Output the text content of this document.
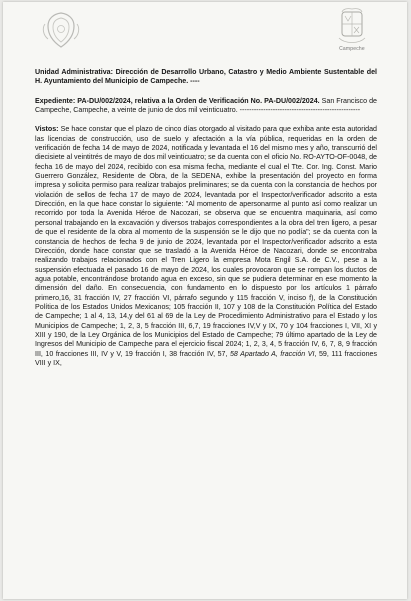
Campeche

Unidad Administrativa: Dirección de Desarrollo Urbano, Catastro y Medio Ambiente Sustentable del H. Ayuntamiento del Municipio de Campeche. ----

Expediente: PA-DU/002/2024, relativa a la Orden de Verificación No. PA-DU/002/2024. San Francisco de Campeche, Campeche, a veinte de junio de dos mil veinticuatro. ---------------------------------------------------

Vistos: Se hace constar que el plazo de cinco días otorgado al visitado para que exhiba ante esta autoridad las licencias de construcción, uso de suelo y afectación a la vía pública, requeridas en la orden de verificación de fecha 14 de mayo de 2024, notificada y levantada el 16 del mismo mes y año, transcurrió del diecisiete al veintitrés de mayo de dos mil veinticuatro; se da cuenta con el oficio No. RO-AYTO-OF-0048, de fecha 16 de mayo del 2024, recibido con esa misma fecha, mediante el cual el Tte. Cor. Ing. Const. Mario Guerrero González, Residente de Obra, de la SEDENA, exhibe la presentación del proyecto en forma impresa y solicita permiso para realizar trabajos preliminares; se da cuenta con la constancia de hechos por violación de sellos de fecha 17 de mayo de 2024, levantada por el Inspector/verificador adscrito a esta Dirección, en la que hace constar lo siguiente: "Al momento de apersonarme al punto así como realizar un recorrido por toda la Avenida Héroe de Nacozari, se observa que se encuentra maquinaria, así como personal trabajando en la excavación y diversos trabajos correspondientes a la obra del tren ligero, a pesar de que el residente de la obra al momento de la suspensión se le dijo que no podía"; se da cuenta con la constancia de hechos de fecha 9 de junio de 2024, levantada por el Inspector/verificador adscrito a esta Dirección, donde hace constar que se trasladó a la Avenida Héroe de Nacozari, donde se encontraba realizando trabajos relacionados con el Tren Ligero la empresa Mota Engil S.A. de C.V., pese a la suspensión efectuada el pasado 16 de mayo de 2024, los cuales provocaron que se rompan los ductos de agua potable, encontrándose brotando agua en exceso, sin que se pudiera determinar en ese momento la dimensión del daño. En consecuencia, con fundamento en lo dispuesto por los artículos 1 párrafo primero,16, 31 fracción IV, 27 fracción VI, párrafo segundo y 115 fracción V, inciso f), de la Constitución Política de los Estados Unidos Mexicanos; 105 fracción II, 107 y 108 de la Constitución Política del Estado de Campeche; 1 al 4, 13, 14,y del 61 al 69 de la Ley de Procedimiento Administrativo para el Estado y los Municipios de Campeche; 1, 2, 3, 5 fracción III, 6,7, 19 fracciones IV,V y IX, 70 y 104 fracciones I, VII, XI y XIII y 190, de la Ley Orgánica de los Municipios del Estado de Campeche; 79 último apartado de la Ley de Ingresos del Municipio de Campeche para el ejercicio fiscal 2024; 1, 2, 3, 4, 5 fracción IV, 6, 7, 8, 9 fracción III, 10 fracciones III, IV y V, 19 fracción I, 38 fracción IV, 57, 58 Apartado A, fracción VI, 59, 111 fracciones VIII y IX,
